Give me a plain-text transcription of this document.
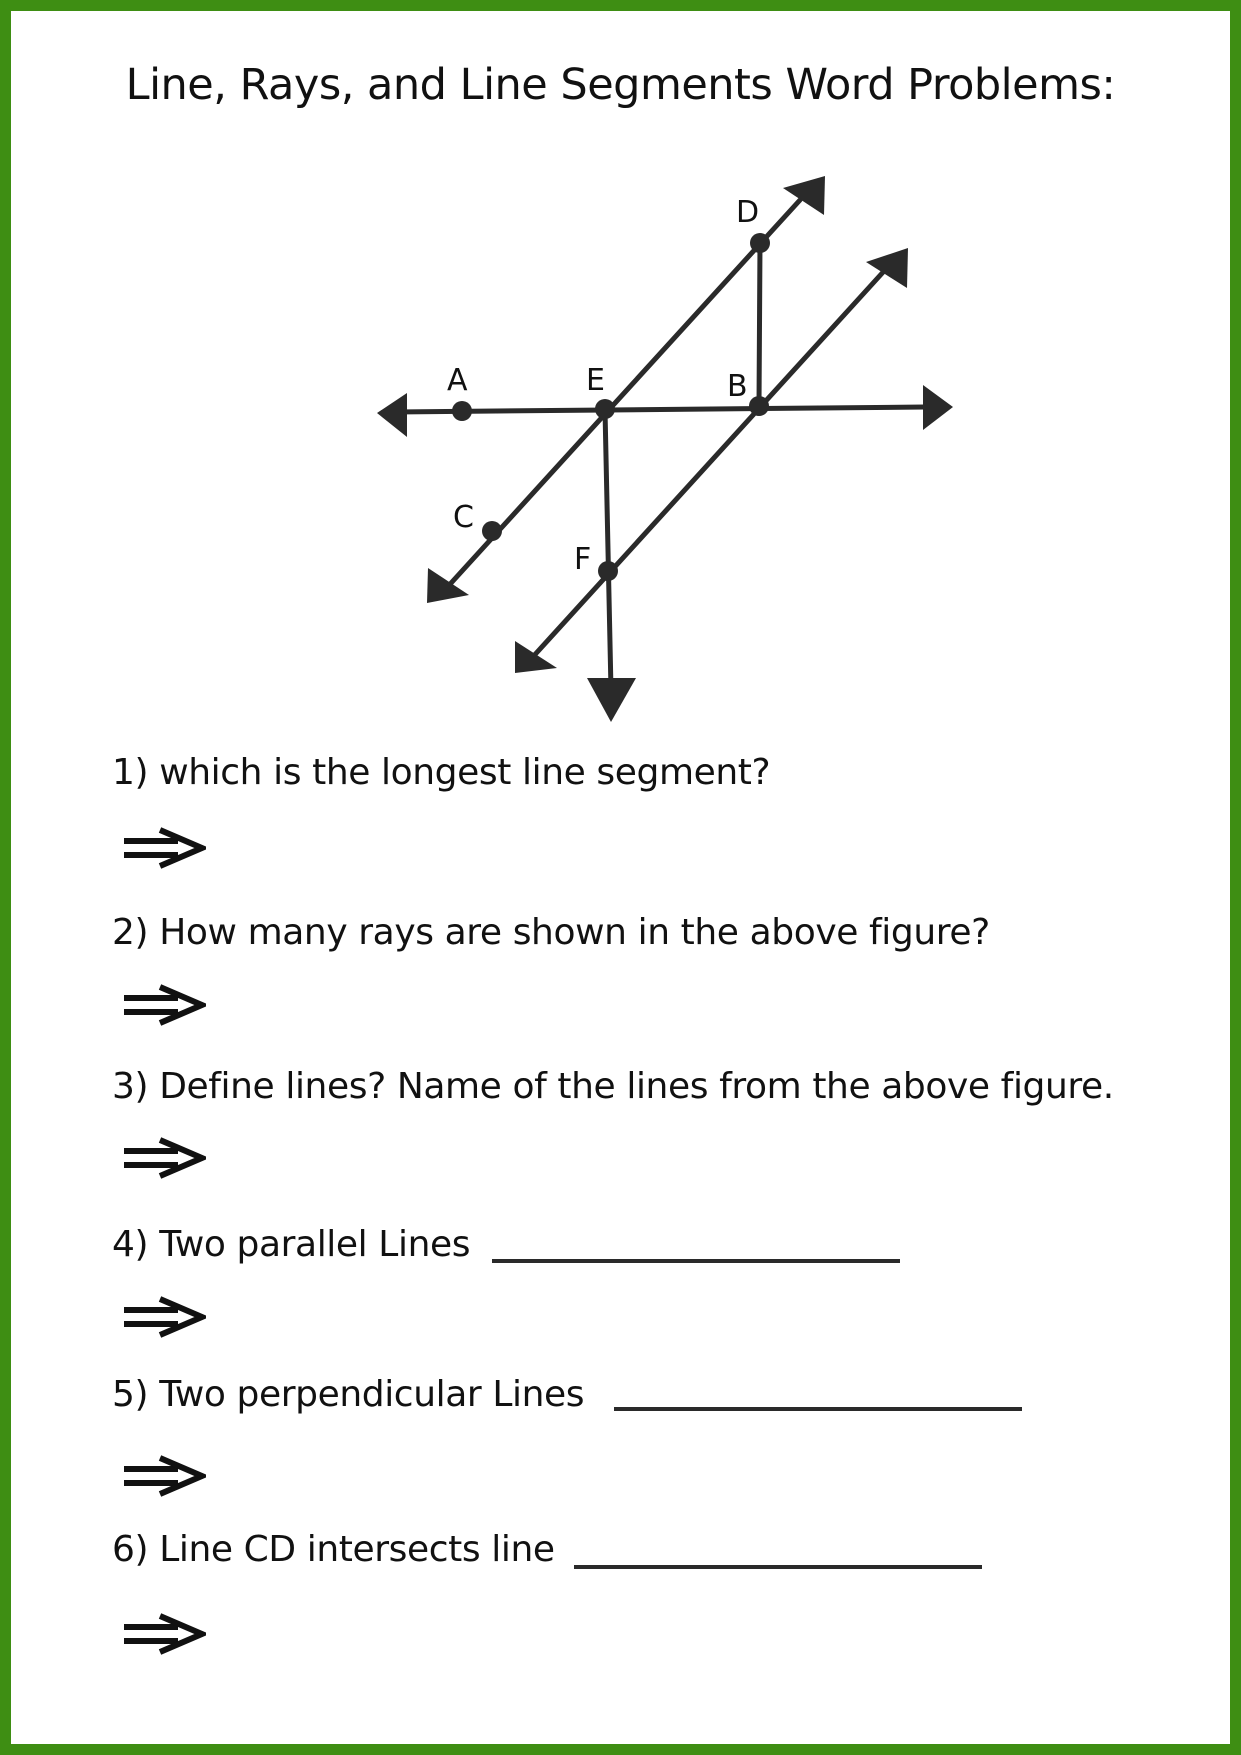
Line, Rays, and Line Segments Word Problems:
A	E	B
D
C
F
1) which is the longest line segment?
2) How many rays are shown in the above figure?
3) Define lines? Name of the lines from the above figure.
4) Two parallel Lines
5) Two perpendicular Lines
6) Line CD intersects line
